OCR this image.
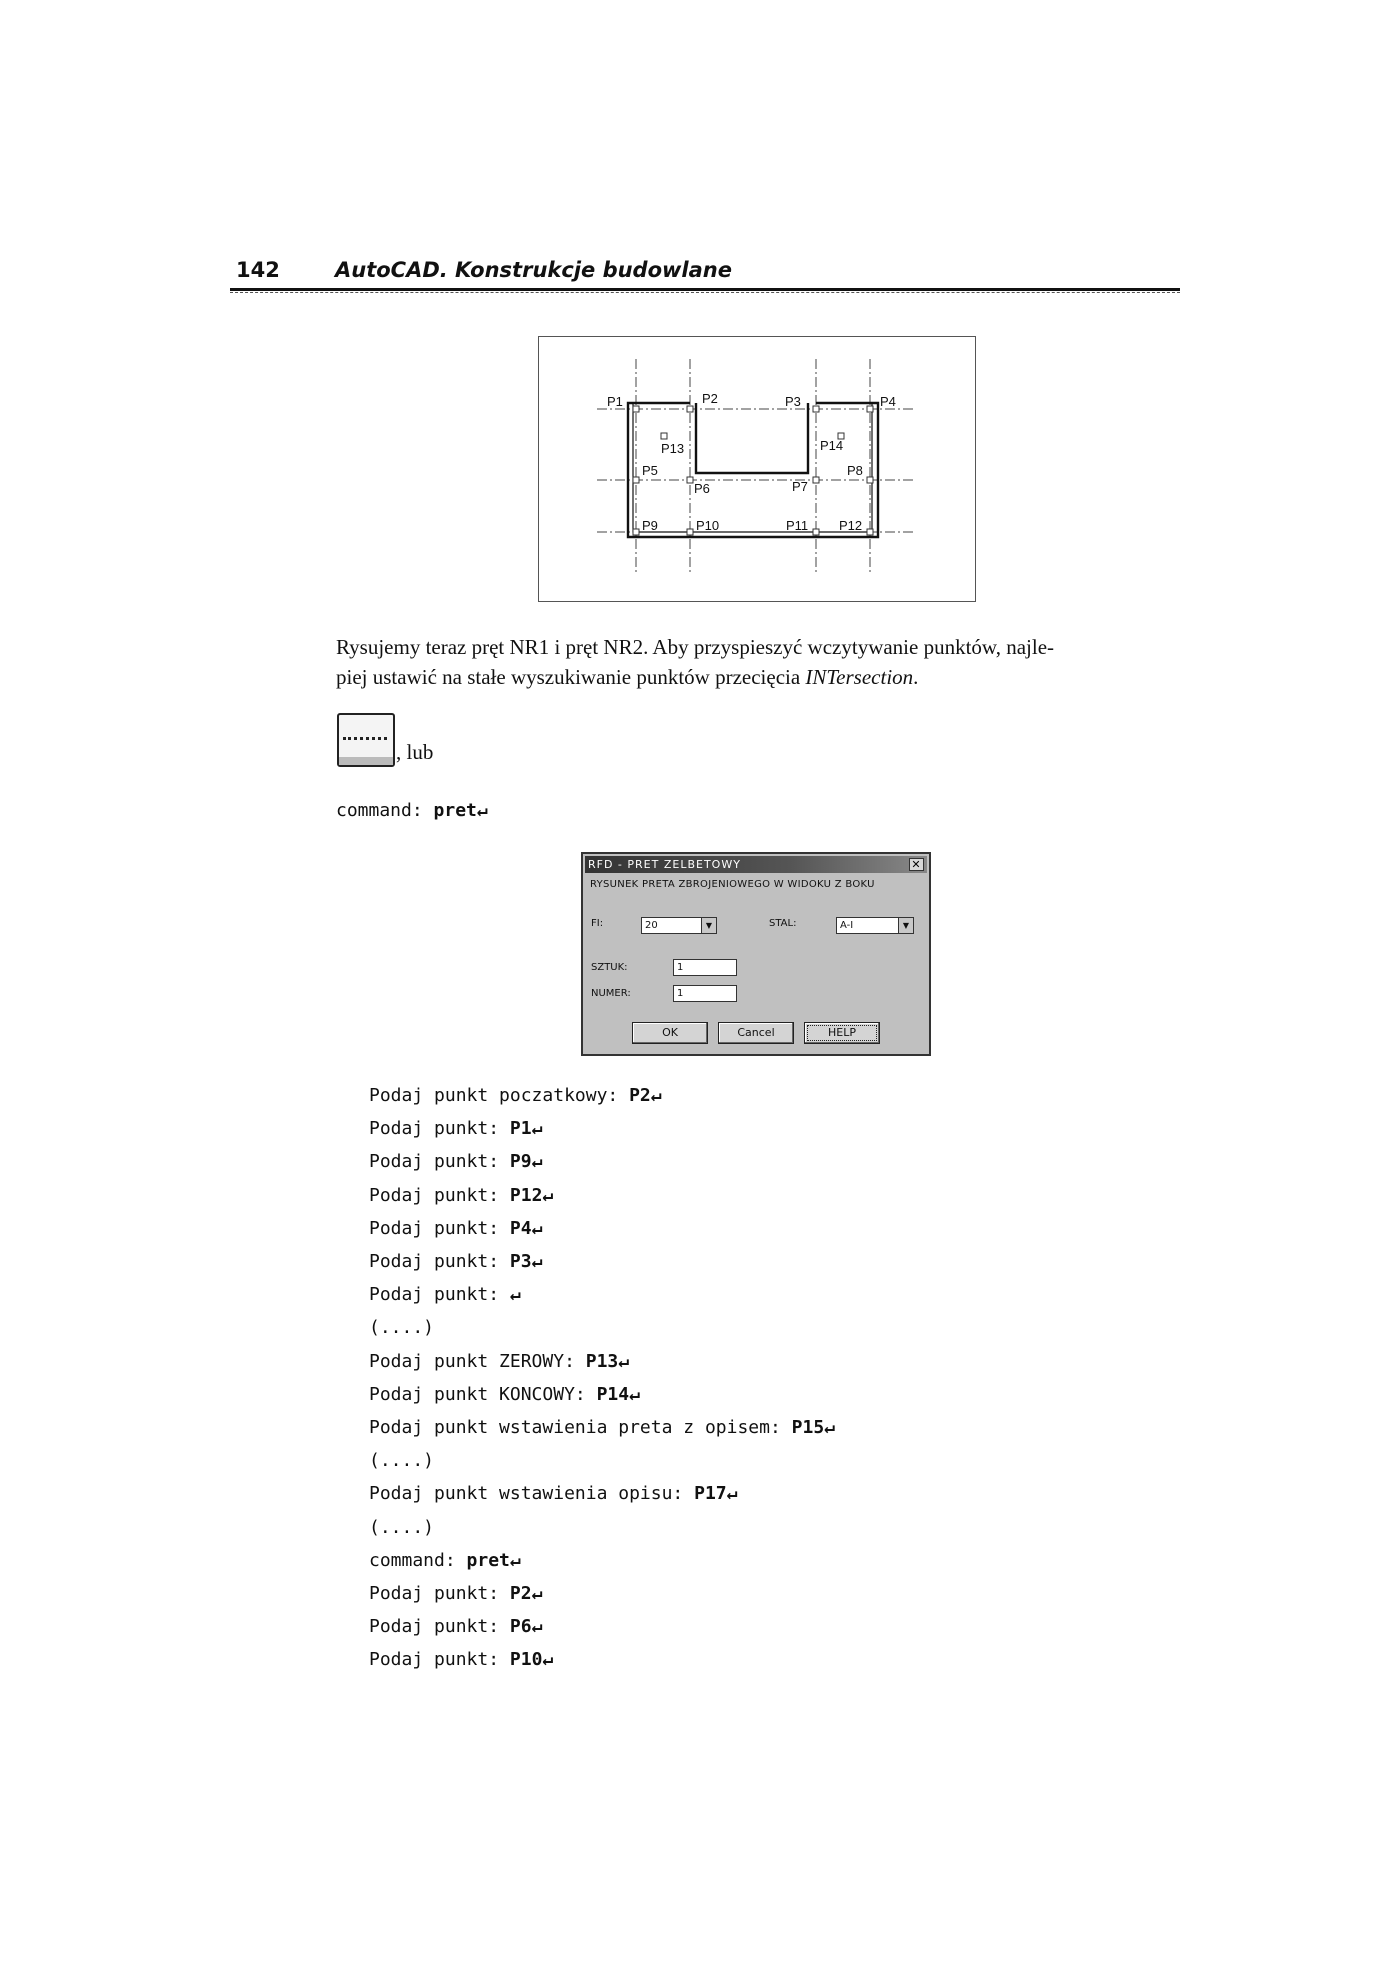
142	AutoCAD. Konstrukcje budowlane
P1	P2	P3	P4
P13	P14
P5
P6	P7
P8
P9	P10	P11 P12
Rysujemy teraz pręt NR1 i pręt NR2. Aby przyspieszyć wczytywanie punktów, najle-
piej ustawić na stałe wyszukiwanie punktów przecięcia INTersection.
, lub
command: pret↵
RFD - PRET ZELBETOWY	✕
RYSUNEK PRETA ZBROJENIOWEGO W WIDOKU Z BOKU
FI:	20	▼	STAL:	A-I	▼
SZTUK:	1
NUMER:	1
OK	Cancel	HELP
Podaj punkt poczatkowy: P2↵
Podaj punkt: P1↵
Podaj punkt: P9↵
Podaj punkt: P12↵
Podaj punkt: P4↵
Podaj punkt: P3↵
Podaj punkt: ↵
(....)
Podaj punkt ZEROWY: P13↵
Podaj punkt KONCOWY: P14↵
Podaj punkt wstawienia preta z opisem: P15↵
(....)
Podaj punkt wstawienia opisu: P17↵
(....)
command: pret↵
Podaj punkt: P2↵
Podaj punkt: P6↵
Podaj punkt: P10↵
